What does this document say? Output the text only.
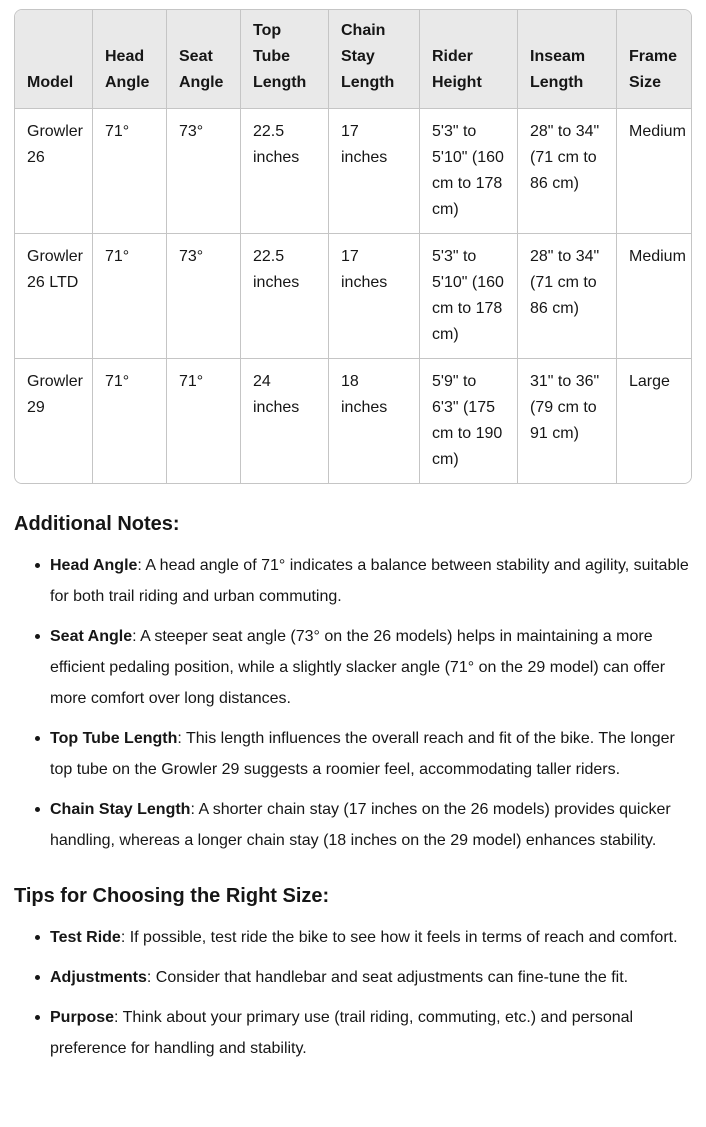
Model	Head Angle	Seat Angle	Top Tube Length	Chain Stay Length	Rider Height	Inseam Length	Frame Size
Growler 26	71°	73°	22.5 inches	17 inches	5'3" to 5'10" (160 cm to 178 cm)	28" to 34" (71 cm to 86 cm)	Medium
Growler 26 LTD	71°	73°	22.5 inches	17 inches	5'3" to 5'10" (160 cm to 178 cm)	28" to 34" (71 cm to 86 cm)	Medium
Growler 29	71°	71°	24 inches	18 inches	5'9" to 6'3" (175 cm to 190 cm)	31" to 36" (79 cm to 91 cm)	Large
Additional Notes:
Head Angle: A head angle of 71° indicates a balance between stability and agility, suitable for both trail riding and urban commuting.
Seat Angle: A steeper seat angle (73° on the 26 models) helps in maintaining a more efficient pedaling position, while a slightly slacker angle (71° on the 29 model) can offer more comfort over long distances.
Top Tube Length: This length influences the overall reach and fit of the bike. The longer top tube on the Growler 29 suggests a roomier feel, accommodating taller riders.
Chain Stay Length: A shorter chain stay (17 inches on the 26 models) provides quicker handling, whereas a longer chain stay (18 inches on the 29 model) enhances stability.
Tips for Choosing the Right Size:
Test Ride: If possible, test ride the bike to see how it feels in terms of reach and comfort.
Adjustments: Consider that handlebar and seat adjustments can fine-tune the fit.
Purpose: Think about your primary use (trail riding, commuting, etc.) and personal preference for handling and stability.
